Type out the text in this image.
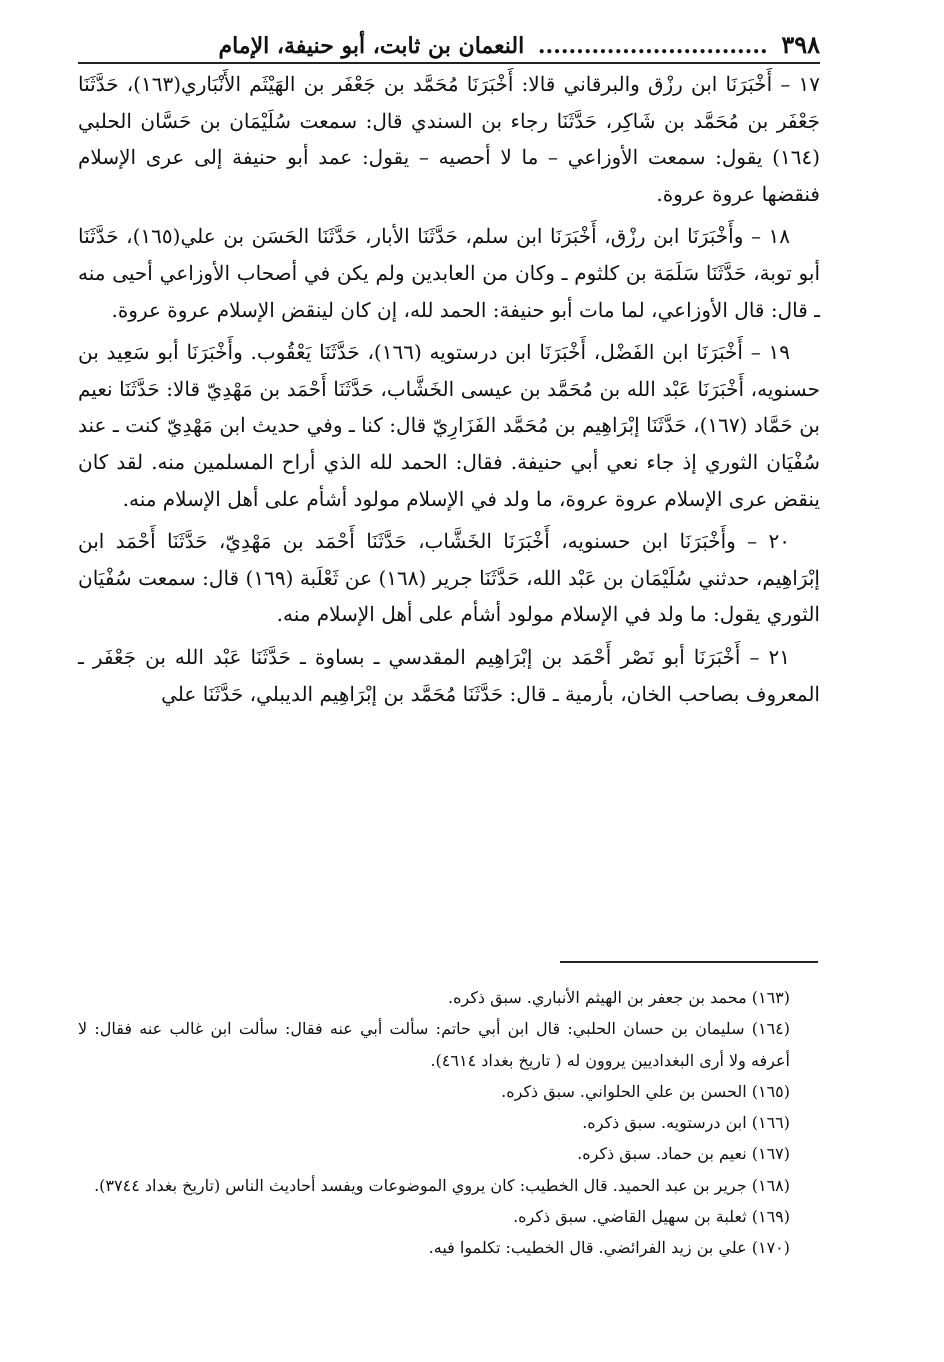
٣٩٨ .............................. النعمان بن ثابت، أبو حنيفة، الإمام

١٧ – أَخْبَرَنَا ابن رزْق والبرقاني قالا: أَخْبَرَنَا مُحَمَّد بن جَعْفَر بن الهَيْثَم الأَنْبَاري(١٦٣)، حَدَّثَنَا جَعْفَر بن مُحَمَّد بن شَاكِر، حَدَّثَنَا رجاء بن السندي قال: سمعت سُلَيْمَان بن حَسَّان الحلبي (١٦٤) يقول: سمعت الأوزاعي – ما لا أحصيه – يقول: عمد أبو حنيفة إلى عرى الإسلام فنقضها عروة عروة.

١٨ – وأَخْبَرَنَا ابن رزْق، أَخْبَرَنَا ابن سلم، حَدَّثَنَا الأبار، حَدَّثَنَا الحَسَن بن علي(١٦٥)، حَدَّثَنَا أبو توبة، حَدَّثَنَا سَلَمَة بن كلثوم ـ وكان من العابدين ولم يكن في أصحاب الأوزاعي أحيى منه ـ قال: قال الأوزاعي، لما مات أبو حنيفة: الحمد لله، إن كان لينقض الإسلام عروة عروة.

١٩ – أَخْبَرَنَا ابن الفَضْل، أَخْبَرَنَا ابن درستويه (١٦٦)، حَدَّثَنَا يَعْقُوب. وأَخْبَرَنَا أبو سَعِيد بن حسنويه، أَخْبَرَنَا عَبْد الله بن مُحَمَّد بن عيسى الخَشَّاب، حَدَّثَنَا أَحْمَد بن مَهْدِيّ قالا: حَدَّثَنَا نعيم بن حَمَّاد (١٦٧)، حَدَّثَنَا إبْرَاهِيم بن مُحَمَّد الفَزَارِيّ قال: كنا ـ وفي حديث ابن مَهْدِيّ كنت ـ عند سُفْيَان الثوري إذ جاء نعي أبي حنيفة. فقال: الحمد لله الذي أراح المسلمين منه. لقد كان ينقض عرى الإسلام عروة عروة، ما ولد في الإسلام مولود أشأم على أهل الإسلام منه.

٢٠ – وأَخْبَرَنَا ابن حسنويه، أَخْبَرَنَا الخَشَّاب، حَدَّثَنَا أَحْمَد بن مَهْدِيّ، حَدَّثَنَا أَحْمَد ابن إبْرَاهِيم، حدثني سُلَيْمَان بن عَبْد الله، حَدَّثَنَا جرير (١٦٨) عن ثَعْلَبة (١٦٩) قال: سمعت سُفْيَان الثوري يقول: ما ولد في الإسلام مولود أشأم على أهل الإسلام منه.

٢١ – أَخْبَرَنَا أبو نَصْر أَحْمَد بن إبْرَاهِيم المقدسي ـ بساوة ـ حَدَّثَنَا عَبْد الله بن جَعْفَر ـ المعروف بصاحب الخان، بأرمية ـ قال: حَدَّثَنَا مُحَمَّد بن إبْرَاهِيم الديبلي، حَدَّثَنَا علي

(١٦٣) محمد بن جعفر بن الهيثم الأنباري. سبق ذكره.

(١٦٤) سليمان بن حسان الحلبي: قال ابن أبي حاتم: سألت أبي عنه فقال: سألت ابن غالب عنه فقال: لا أعرفه ولا أرى البغداديين يروون له ( تاريخ بغداد ٤٦١٤).

(١٦٥) الحسن بن علي الحلواني. سبق ذكره.

(١٦٦) ابن درستويه. سبق ذكره.

(١٦٧) نعيم بن حماد. سبق ذكره.

(١٦٨) جرير بن عبد الحميد. قال الخطيب: كان يروي الموضوعات ويفسد أحاديث الناس (تاريخ بغداد ٣٧٤٤).

(١٦٩) ثعلبة بن سهيل القاضي. سبق ذكره.

(١٧٠) علي بن زيد الفرائضي. قال الخطيب: تكلموا فيه.
